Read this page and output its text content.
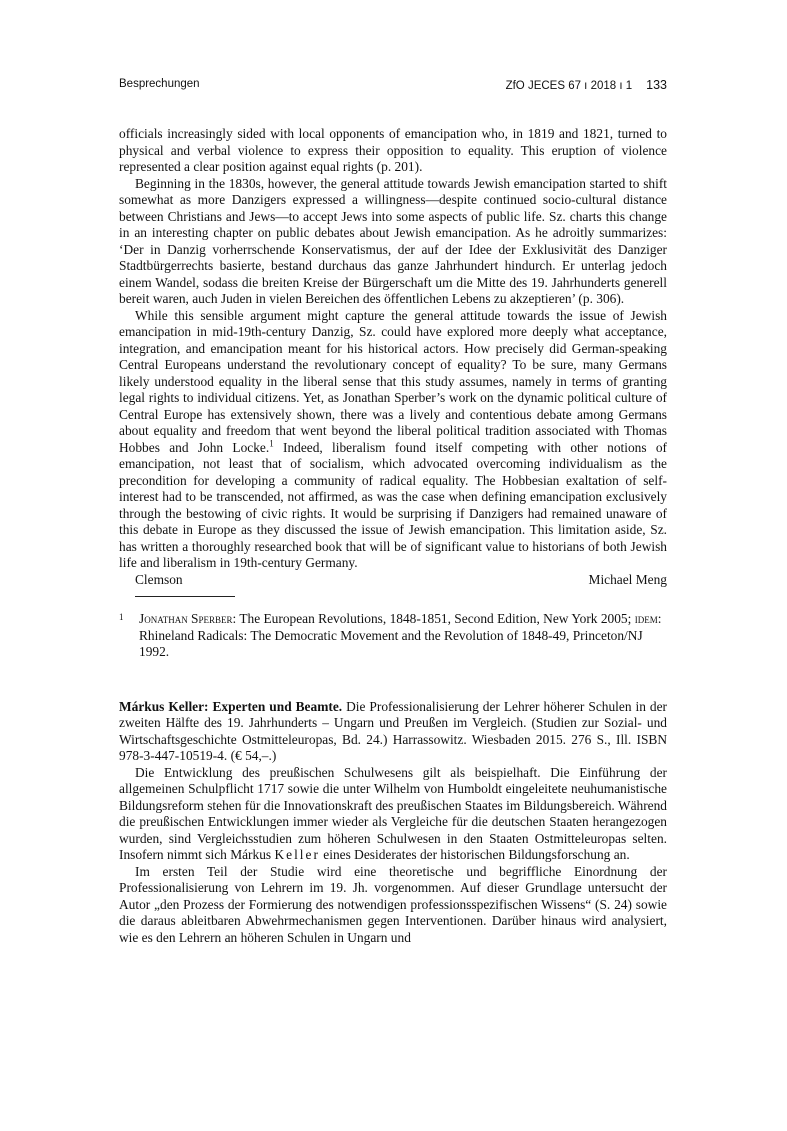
Besprechungen	ZfO JECES 67 ı 2018 ı 1 133

officials increasingly sided with local opponents of emancipation who, in 1819 and 1821, turned to physical and verbal violence to express their opposition to equality. This eruption of violence represented a clear position against equal rights (p. 201).

Beginning in the 1830s, however, the general attitude towards Jewish emancipation started to shift somewhat as more Danzigers expressed a willingness—despite continued socio-cultural distance between Christians and Jews—to accept Jews into some aspects of public life. Sz. charts this change in an interesting chapter on public debates about Jewish emancipation. As he adroitly summarizes: ‘Der in Danzig vorherrschende Konservatismus, der auf der Idee der Exklusivität des Danziger Stadtbürgerrechts basierte, bestand durchaus das ganze Jahrhundert hindurch. Er unterlag jedoch einem Wandel, sodass die breiten Kreise der Bürgerschaft um die Mitte des 19. Jahrhunderts generell bereit waren, auch Juden in vielen Bereichen des öffentlichen Lebens zu akzeptieren’ (p. 306).

While this sensible argument might capture the general attitude towards the issue of Jewish emancipation in mid-19th-century Danzig, Sz. could have explored more deeply what acceptance, integration, and emancipation meant for his historical actors. How precisely did German-speaking Central Europeans understand the revolutionary concept of equality? To be sure, many Germans likely understood equality in the liberal sense that this study assumes, namely in terms of granting legal rights to individual citizens. Yet, as Jonathan Sperber’s work on the dynamic political culture of Central Europe has extensively shown, there was a lively and contentious debate among Germans about equality and freedom that went beyond the liberal political tradition associated with Thomas Hobbes and John Locke.$^1$ Indeed, liberalism found itself competing with other notions of emancipation, not least that of socialism, which advocated overcoming individualism as the precondition for developing a community of radical equality. The Hobbesian exaltation of self-interest had to be transcended, not affirmed, as was the case when defining emancipation exclusively through the bestowing of civic rights. It would be surprising if Danzigers had remained unaware of this debate in Europe as they discussed the issue of Jewish emancipation. This limitation aside, Sz. has written a thoroughly researched book that will be of significant value to historians of both Jewish life and liberalism in 19th-century Germany.

Clemson	Michael Meng
1	Jonathan Sperber: The European Revolutions, 1848-1851, Second Edition, New York 2005; idem: Rhineland Radicals: The Democratic Movement and the Revolution of 1848-49, Princeton/NJ 1992.

Márkus Keller: Experten und Beamte. Die Professionalisierung der Lehrer höherer Schulen in der zweiten Hälfte des 19. Jahrhunderts – Ungarn und Preußen im Vergleich. (Studien zur Sozial- und Wirtschaftsgeschichte Ostmitteleuropas, Bd. 24.) Harrassowitz. Wiesbaden 2015. 276 S., Ill. ISBN 978-3-447-10519-4. (€ 54,–.)

Die Entwicklung des preußischen Schulwesens gilt als beispielhaft. Die Einführung der allgemeinen Schulpflicht 1717 sowie die unter Wilhelm von Humboldt eingeleitete neuhumanistische Bildungsreform stehen für die Innovationskraft des preußischen Staates im Bildungsbereich. Während die preußischen Entwicklungen immer wieder als Vergleiche für die deutschen Staaten herangezogen wurden, sind Vergleichsstudien zum höheren Schulwesen in den Staaten Ostmitteleuropas selten. Insofern nimmt sich Márkus Keller eines Desiderates der historischen Bildungsforschung an.

Im ersten Teil der Studie wird eine theoretische und begriffliche Einordnung der Professionalisierung von Lehrern im 19. Jh. vorgenommen. Auf dieser Grundlage untersucht der Autor „den Prozess der Formierung des notwendigen professionsspezifischen Wissens“ (S. 24) sowie die daraus ableitbaren Abwehrmechanismen gegen Interventionen. Darüber hinaus wird analysiert, wie es den Lehrern an höheren Schulen in Ungarn und
